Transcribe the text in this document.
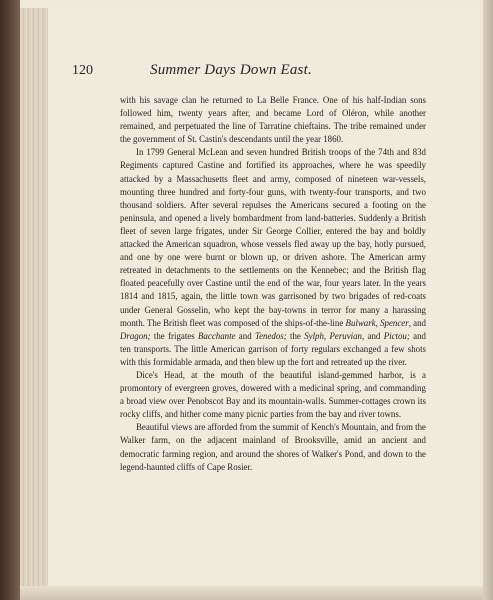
120	Summer Days Down East.

with his savage clan he returned to La Belle France. One of his half-Indian sons followed him, twenty years after, and became Lord of Oléron, while another remained, and perpetuated the line of Tarratine chieftains. The tribe remained under the government of St. Castin's descendants until the year 1860.

In 1799 General McLean and seven hundred British troops of the 74th and 83d Regiments captured Castine and fortified its approaches, where he was speedily attacked by a Massachusetts fleet and army, composed of nineteen war-vessels, mounting three hundred and forty-four guns, with twenty-four transports, and two thousand soldiers. After several repulses the Americans secured a footing on the peninsula, and opened a lively bombardment from land-batteries. Suddenly a British fleet of seven large frigates, under Sir George Collier, entered the bay and boldly attacked the American squadron, whose vessels fled away up the bay, hotly pursued, and one by one were burnt or blown up, or driven ashore. The American army retreated in detachments to the settlements on the Kennebec; and the British flag floated peacefully over Castine until the end of the war, four years later. In the years 1814 and 1815, again, the little town was garrisoned by two brigades of red-coats under General Gosselin, who kept the bay-towns in terror for many a harassing month. The British fleet was composed of the ships-of-the-line Bulwark, Spencer, and Dragon; the frigates Bacchante and Tenedos; the Sylph, Peruvian, and Pictou; and ten transports. The little American garrison of forty regulars exchanged a few shots with this formidable armada, and then blew up the fort and retreated up the river.

Dice's Head, at the mouth of the beautiful island-gemmed harbor, is a promontory of evergreen groves, dowered with a medicinal spring, and commanding a broad view over Penobscot Bay and its mountain-walls. Summer-cottages crown its rocky cliffs, and hither come many picnic parties from the bay and river towns.

Beautiful views are afforded from the summit of Kench's Mountain, and from the Walker farm, on the adjacent mainland of Brooksville, amid an ancient and democratic farming region, and around the shores of Walker's Pond, and down to the legend-haunted cliffs of Cape Rosier.
